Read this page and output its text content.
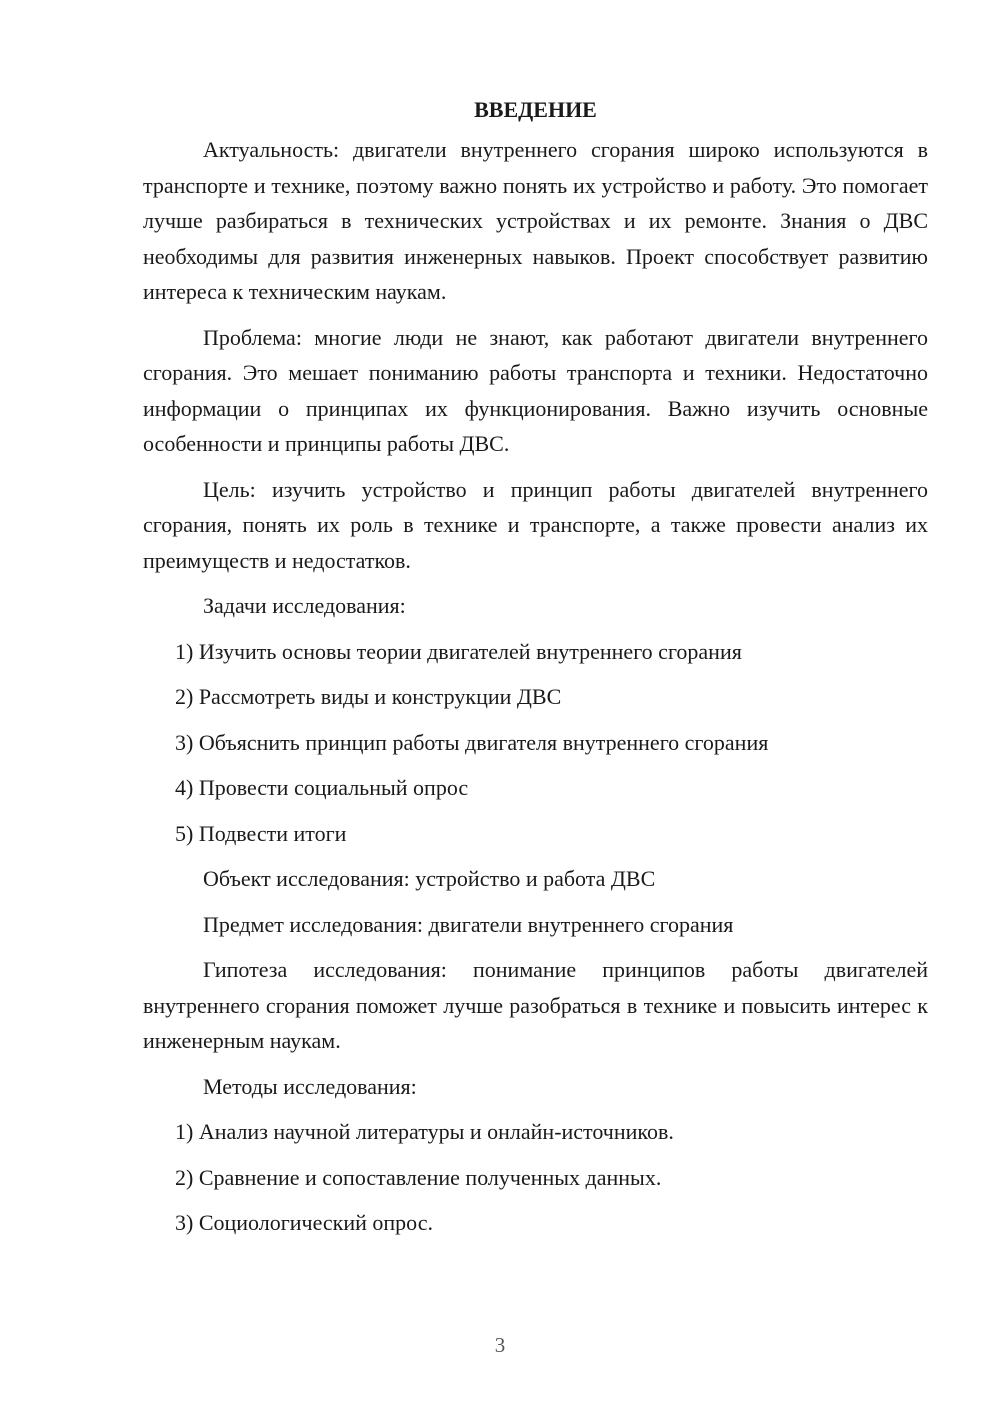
ВВЕДЕНИЕ

Актуальность: двигатели внутреннего сгорания широко используются в транспорте и технике, поэтому важно понять их устройство и работу. Это помогает лучше разбираться в технических устройствах и их ремонте. Знания о ДВС необходимы для развития инженерных навыков. Проект способствует развитию интереса к техническим наукам.

Проблема: многие люди не знают, как работают двигатели внутреннего сгорания. Это мешает пониманию работы транспорта и техники. Недостаточно информации о принципах их функционирования. Важно изучить основные особенности и принципы работы ДВС.

Цель: изучить устройство и принцип работы двигателей внутреннего сгорания, понять их роль в технике и транспорте, а также провести анализ их преимуществ и недостатков.

Задачи исследования:

1) Изучить основы теории двигателей внутреннего сгорания
2) Рассмотреть виды и конструкции ДВС
3) Объяснить принцип работы двигателя внутреннего сгорания
4) Провести социальный опрос
5) Подвести итоги

Объект исследования: устройство и работа ДВС

Предмет исследования: двигатели внутреннего сгорания

Гипотеза исследования: понимание принципов работы двигателей внутреннего сгорания поможет лучше разобраться в технике и повысить интерес к инженерным наукам.

Методы исследования:

1) Анализ научной литературы и онлайн-источников.
2) Сравнение и сопоставление полученных данных.
3) Социологический опрос.
3
